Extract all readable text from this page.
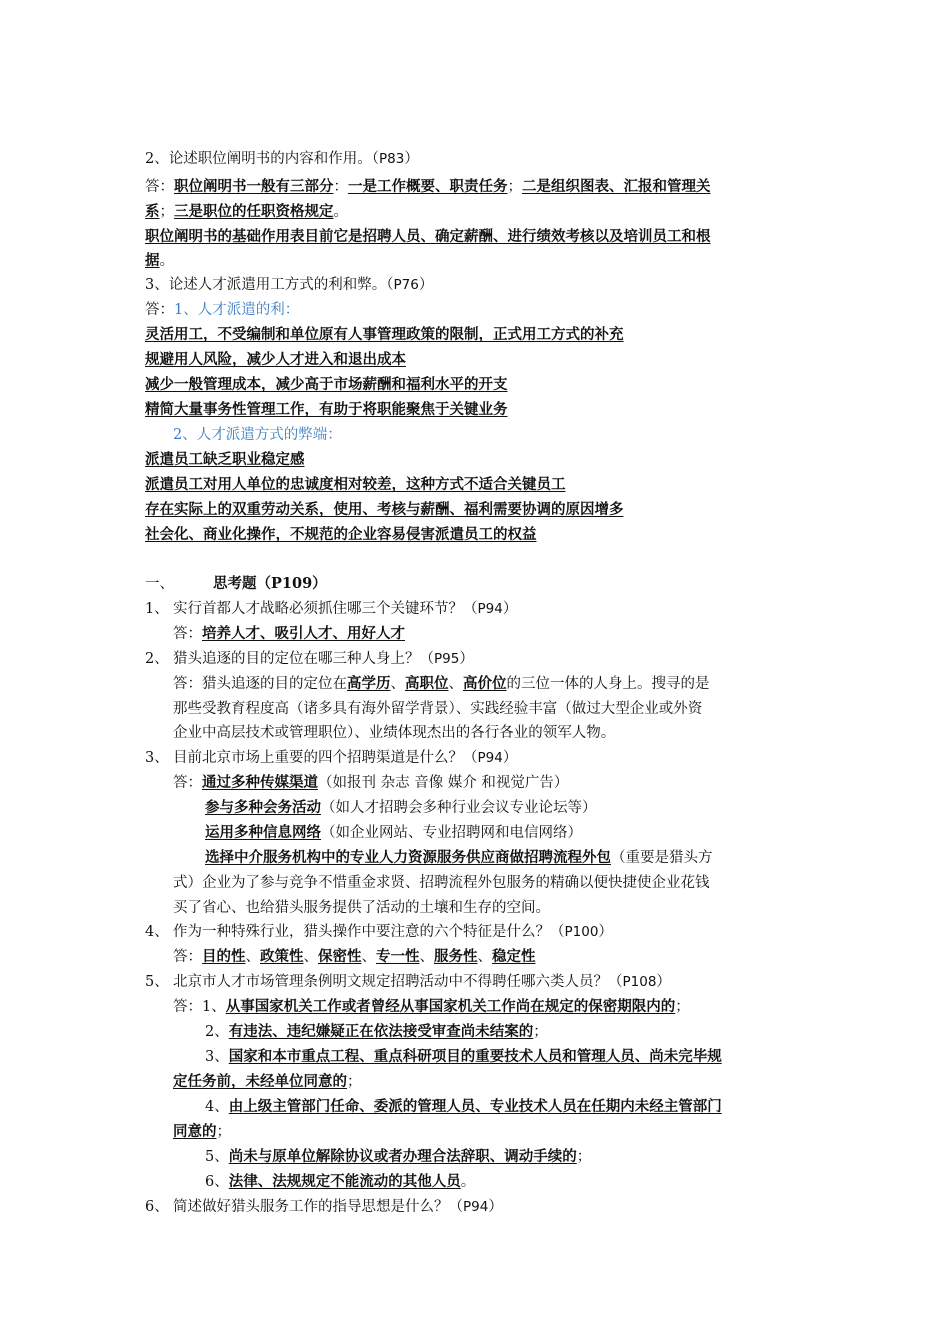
2、论述职位阐明书的内容和作用。（P83）
答：职位阐明书一般有三部分：一是工作概要、职责任务；二是组织图表、汇报和管理关
系；三是职位的任职资格规定。
职位阐明书的基础作用表目前它是招聘人员、确定薪酬、进行绩效考核以及培训员工和根
据。
3、论述人才派遣用工方式的利和弊。（P76）
答：1、人才派遣的利：
灵活用工，不受编制和单位原有人事管理政策的限制，正式用工方式的补充
规避用人风险，减少人才进入和退出成本
减少一般管理成本，减少高于市场薪酬和福利水平的开支
精简大量事务性管理工作，有助于将职能聚焦于关键业务
2、人才派遣方式的弊端：
派遣员工缺乏职业稳定感
派遣员工对用人单位的忠诚度相对较差，这种方式不适合关键员工
存在实际上的双重劳动关系，使用、考核与薪酬、福利需要协调的原因增多
社会化、商业化操作，不规范的企业容易侵害派遣员工的权益
一、	思考题（P109）
1、 实行首都人才战略必须抓住哪三个关键环节？（P94）
答：培养人才、吸引人才、用好人才
2、 猎头追逐的目的定位在哪三种人身上？（P95）
答：猎头追逐的目的定位在高学历、高职位、高价位的三位一体的人身上。搜寻的是
那些受教育程度高（诸多具有海外留学背景）、实践经验丰富（做过大型企业或外资
企业中高层技术或管理职位）、业绩体现杰出的各行各业的领军人物。
3、 目前北京市场上重要的四个招聘渠道是什么？（P94）
答：通过多种传媒渠道（如报刊 杂志 音像 媒介 和视觉广告）
参与多种会务活动（如人才招聘会多种行业会议专业论坛等）
运用多种信息网络（如企业网站、专业招聘网和电信网络）
选择中介服务机构中的专业人力资源服务供应商做招聘流程外包（重要是猎头方
式）企业为了参与竞争不惜重金求贤、招聘流程外包服务的精确以便快捷使企业花钱
买了省心、也给猎头服务提供了活动的土壤和生存的空间。
4、 作为一种特殊行业，猎头操作中要注意的六个特征是什么？（P100）
答：目的性、政策性、保密性、专一性、服务性、稳定性
5、 北京市人才市场管理条例明文规定招聘活动中不得聘任哪六类人员？（P108）
答：1、从事国家机关工作或者曾经从事国家机关工作尚在规定的保密期限内的；
2、有违法、违纪嫌疑正在依法接受审查尚未结案的；
3、国家和本市重点工程、重点科研项目的重要技术人员和管理人员、尚未完毕规
定任务前，未经单位同意的；
4、由上级主管部门任命、委派的管理人员、专业技术人员在任期内未经主管部门
同意的；
5、尚未与原单位解除协议或者办理合法辞职、调动手续的；
6、法律、法规规定不能流动的其他人员。
6、 简述做好猎头服务工作的指导思想是什么？（P94）
